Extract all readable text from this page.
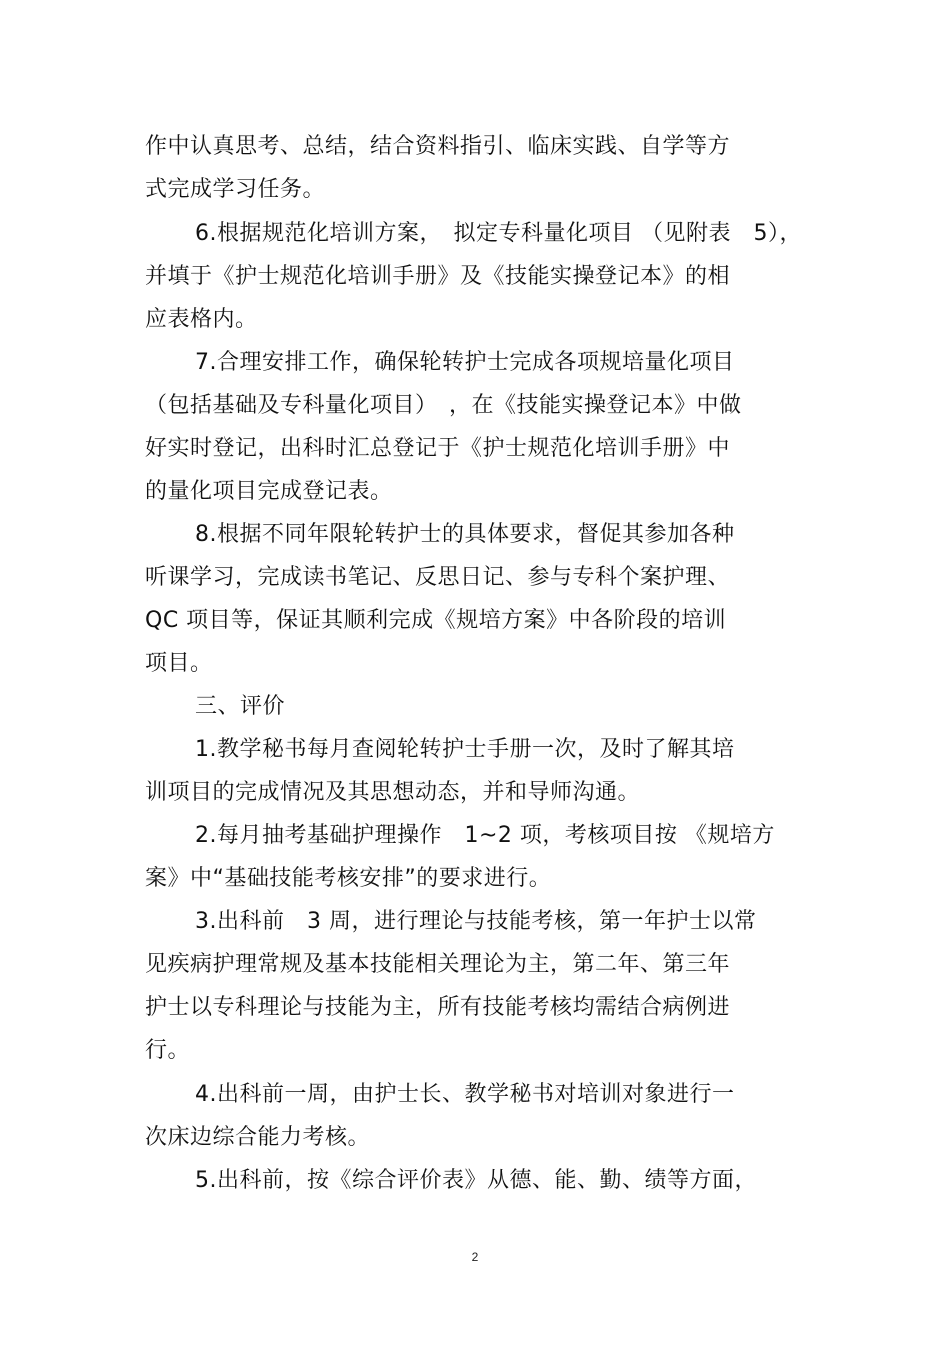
作中认真思考、总结，结合资料指引、临床实践、自学等方
式完成学习任务。
6.根据规范化培训方案，　拟定专科量化项目 （见附表　5），
并填于《护士规范化培训手册》及《技能实操登记本》的相
应表格内。
7.合理安排工作，确保轮转护士完成各项规培量化项目
（包括基础及专科量化项目）　，在《技能实操登记本》中做
好实时登记，出科时汇总登记于《护士规范化培训手册》中
的量化项目完成登记表。
8.根据不同年限轮转护士的具体要求，督促其参加各种
听课学习，完成读书笔记、反思日记、参与专科个案护理、
QC 项目等，保证其顺利完成《规培方案》中各阶段的培训
项目。
三、评价
1.教学秘书每月查阅轮转护士手册一次，及时了解其培
训项目的完成情况及其思想动态，并和导师沟通。
2.每月抽考基础护理操作　1~2 项，考核项目按 《规培方
案》中“基础技能考核安排”的要求进行。
3.出科前　3 周，进行理论与技能考核，第一年护士以常
见疾病护理常规及基本技能相关理论为主，第二年、第三年
护士以专科理论与技能为主，所有技能考核均需结合病例进
行。
4.出科前一周，由护士长、教学秘书对培训对象进行一
次床边综合能力考核。
5.出科前，按《综合评价表》从德、能、勤、绩等方面，
2
